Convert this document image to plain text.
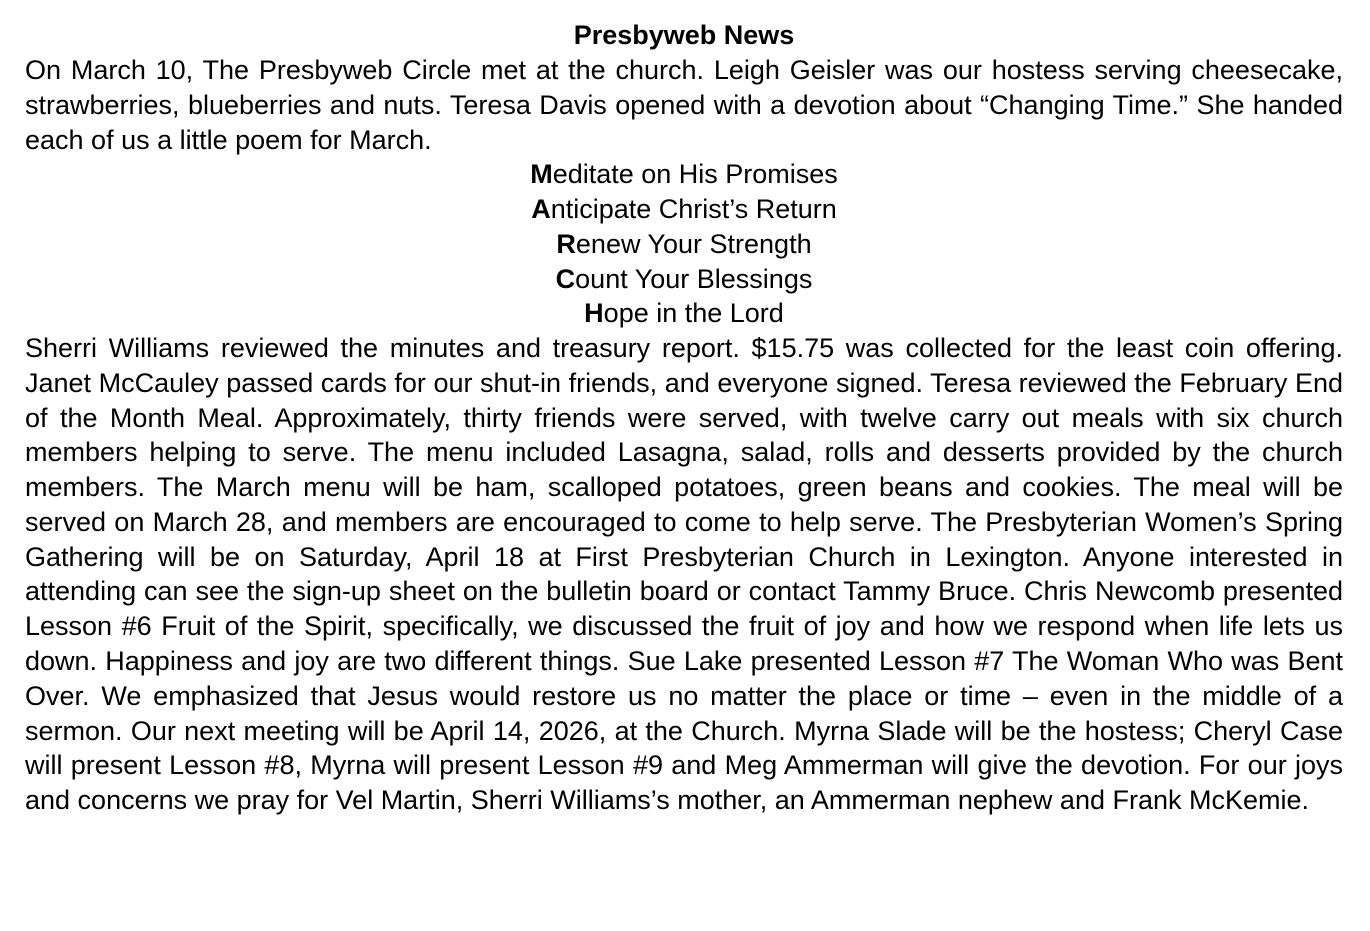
Presbyweb News

On March 10, The Presbyweb Circle met at the church. Leigh Geisler was our hostess serving cheesecake, strawberries, blueberries and nuts. Teresa Davis opened with a devotion about “Changing Time.” She handed each of us a little poem for March.

Meditate on His Promises
Anticipate Christ’s Return
Renew Your Strength
Count Your Blessings
Hope in the Lord

Sherri Williams reviewed the minutes and treasury report. $15.75 was collected for the least coin offering. Janet McCauley passed cards for our shut-in friends, and everyone signed. Teresa reviewed the February End of the Month Meal. Approximately, thirty friends were served, with twelve carry out meals with six church members helping to serve. The menu included Lasagna, salad, rolls and desserts provided by the church members. The March menu will be ham, scalloped potatoes, green beans and cookies. The meal will be served on March 28, and members are encouraged to come to help serve. The Presbyterian Women’s Spring Gathering will be on Saturday, April 18 at First Presbyterian Church in Lexington. Anyone interested in attending can see the sign-up sheet on the bulletin board or contact Tammy Bruce. Chris Newcomb presented Lesson #6 Fruit of the Spirit, specifically, we discussed the fruit of joy and how we respond when life lets us down. Happiness and joy are two different things. Sue Lake presented Lesson #7 The Woman Who was Bent Over. We emphasized that Jesus would restore us no matter the place or time – even in the middle of a sermon. Our next meeting will be April 14, 2026, at the Church. Myrna Slade will be the hostess; Cheryl Case will present Lesson #8, Myrna will present Lesson #9 and Meg Ammerman will give the devotion. For our joys and concerns we pray for Vel Martin, Sherri Williams’s mother, an Ammerman nephew and Frank McKemie.
